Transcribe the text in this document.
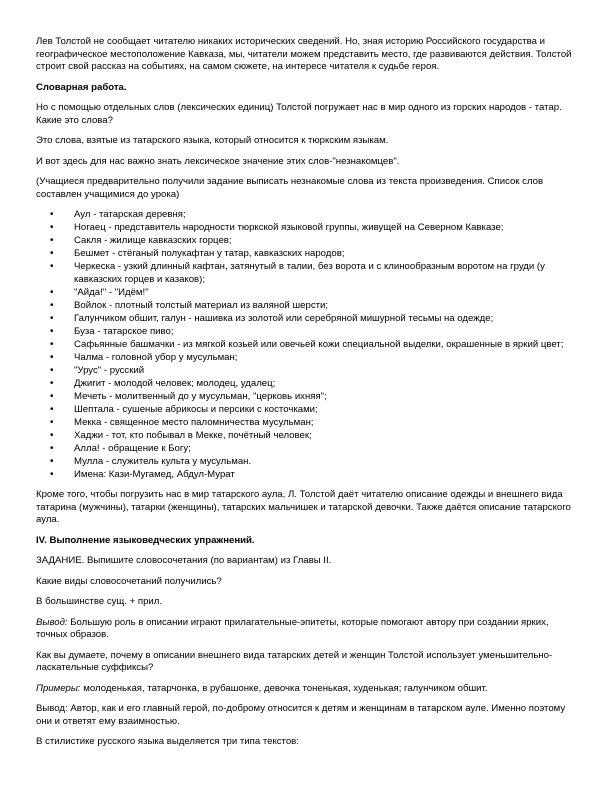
Лев Толстой не сообщает читателю никаких исторических сведений. Но, зная историю Российского государства и географическое местоположение Кавказа, мы, читатели можем представить место, где развиваются действия. Толстой строит свой рассказ на событиях, на самом сюжете, на интересе читателя к судьбе героя.

Словарная работа.

Но с помощью отдельных слов (лексических единиц) Толстой погружает нас в мир одного из горских народов - татар. Какие это слова?

Это слова, взятые из татарского языка, который относится к тюркским языкам.

И вот здесь для нас важно знать лексическое значение этих слов-"незнакомцев".

(Учащиеся предварительно получили задание выписать незнакомые слова из текста произведения. Список слов составлен учащимися до урока)

• Аул - татарская деревня;
• Ногаец - представитель народности тюркской языковой группы, живущей на Северном Кавказе;
• Сакля - жилище кавказских горцев;
• Бешмет - стёганый полукафтан у татар, кавказских народов;
• Черкеска - узкий длинный кафтан, затянутый в талии, без ворота и с клинообразным воротом на груди (у кавказских горцев и казаков);
• "Айда!" - "Идём!"
• Войлок - плотный толстый материал из валяной шерсти;
• Галунчиком обшит, галун - нашивка из золотой или серебряной мишурной тесьмы на одежде;
• Буза - татарское пиво;
• Сафьянные башмачки - из мягкой козьей или овечьей кожи специальной выделки, окрашенные в яркий цвет;
• Чалма - головной убор у мусульман;
• "Урус" - русский
• Джигит - молодой человек; молодец, удалец;
• Мечеть - молитвенный до у мусульман, "церковь ихняя";
• Шептала - сушеные абрикосы и персики с косточками;
• Мекка - священное место паломничества мусульман;
• Хаджи - тот, кто побывал в Мекке, почётный человек;
• Алла! - обращение к Богу;
• Мулла - служитель культа у мусульман.
• Имена: Кази-Мугамед, Абдул-Мурат

Кроме того, чтобы погрузить нас в мир татарского аула, Л. Толстой даёт читателю описание одежды и внешнего вида татарина (мужчины), татарки (женщины), татарских мальчишек и татарской девочки. Также даётся описание татарского аула.

IV. Выполнение языковедческих упражнений.

ЗАДАНИЕ. Выпишите словосочетания (по вариантам) из Главы II.

Какие виды словосочетаний получились?

В большинстве сущ. + прил.

Вывод: Большую роль в описании играют прилагательные-эпитеты, которые помогают автору при создании ярких, точных образов.

Как вы думаете, почему в описании внешнего вида татарских детей и женщин Толстой использует уменьшительно-ласкательные суффиксы?

Примеры: молоденькая, татарчонка, в рубашонке, девочка тоненькая, худенькая; галунчиком обшит.

Вывод: Автор, как и его главный герой, по-доброму относится к детям и женщинам в татарском ауле. Именно поэтому они и ответят ему взаимностью.

В стилистике русского языка выделяется три типа текстов:
